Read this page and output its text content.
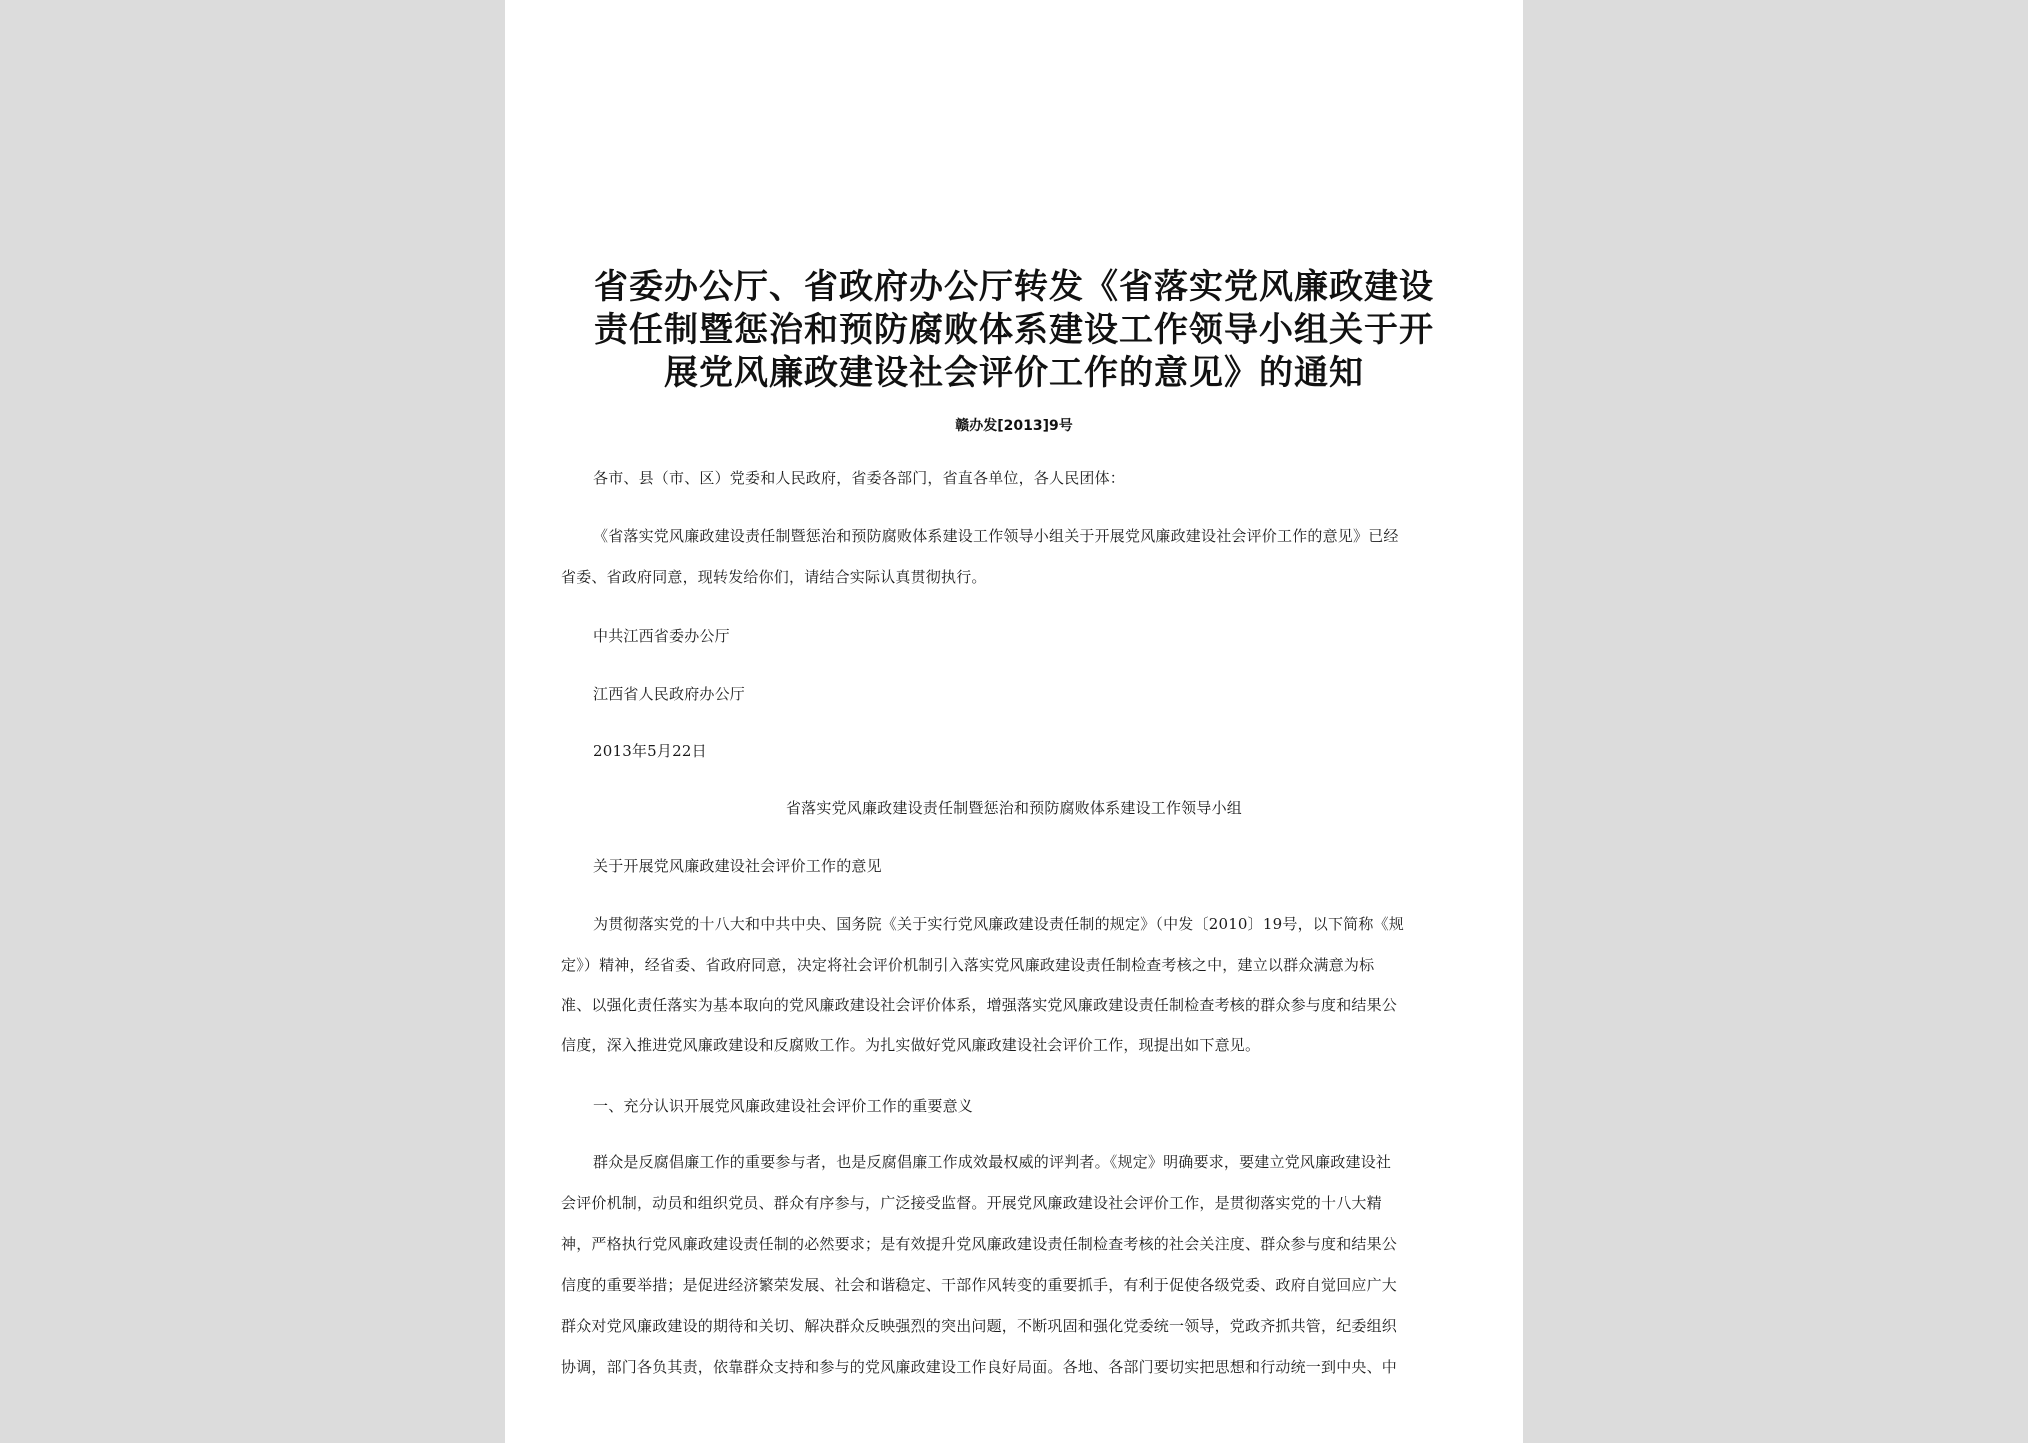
省委办公厅、省政府办公厅转发《省落实党风廉政建设
责任制暨惩治和预防腐败体系建设工作领导小组关于开
展党风廉政建设社会评价工作的意见》的通知
赣办发[2013]9号
各市、县（市、区）党委和人民政府，省委各部门，省直各单位，各人民团体：
《省落实党风廉政建设责任制暨惩治和预防腐败体系建设工作领导小组关于开展党风廉政建设社会评价工作的意见》已经
省委、省政府同意，现转发给你们，请结合实际认真贯彻执行。
中共江西省委办公厅
江西省人民政府办公厅
2013年5月22日
省落实党风廉政建设责任制暨惩治和预防腐败体系建设工作领导小组
关于开展党风廉政建设社会评价工作的意见
为贯彻落实党的十八大和中共中央、国务院《关于实行党风廉政建设责任制的规定》（中发〔2010〕19号，以下简称《规
定》）精神，经省委、省政府同意，决定将社会评价机制引入落实党风廉政建设责任制检查考核之中，建立以群众满意为标
准、以强化责任落实为基本取向的党风廉政建设社会评价体系，增强落实党风廉政建设责任制检查考核的群众参与度和结果公
信度，深入推进党风廉政建设和反腐败工作。为扎实做好党风廉政建设社会评价工作，现提出如下意见。
一、充分认识开展党风廉政建设社会评价工作的重要意义
群众是反腐倡廉工作的重要参与者，也是反腐倡廉工作成效最权威的评判者。《规定》明确要求，要建立党风廉政建设社
会评价机制，动员和组织党员、群众有序参与，广泛接受监督。开展党风廉政建设社会评价工作，是贯彻落实党的十八大精
神，严格执行党风廉政建设责任制的必然要求；是有效提升党风廉政建设责任制检查考核的社会关注度、群众参与度和结果公
信度的重要举措；是促进经济繁荣发展、社会和谐稳定、干部作风转变的重要抓手，有利于促使各级党委、政府自觉回应广大
群众对党风廉政建设的期待和关切、解决群众反映强烈的突出问题，不断巩固和强化党委统一领导，党政齐抓共管，纪委组织
协调，部门各负其责，依靠群众支持和参与的党风廉政建设工作良好局面。各地、各部门要切实把思想和行动统一到中央、中
